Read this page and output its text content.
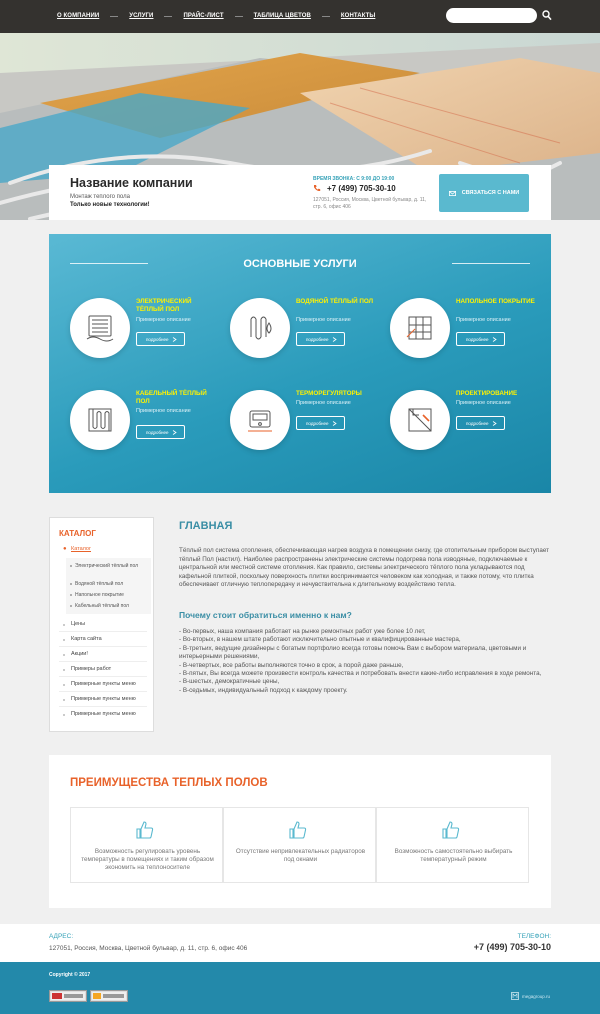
О КОМПАНИИ	УСЛУГИ	ПРАЙС-ЛИСТ	ТАБЛИЦА ЦВЕТОВ	КОНТАКТЫ
Название компании
Монтаж теплого пола
Только новые технологии!
ВРЕМЯ ЗВОНКА: С 9:00 ДО 19:00
+7 (499) 705-30-10
127051, Россия, Москва, Цветной бульвар, д. 11, стр. 6, офис 406
СВЯЗАТЬСЯ С НАМИ
ОСНОВНЫЕ УСЛУГИ
ЭЛЕКТРИЧЕСКИЙ ТЁПЛЫЙ ПОЛ
Примерное описание
подробнее
ВОДЯНОЙ ТЁПЛЫЙ ПОЛ
Примерное описание
подробнее
НАПОЛЬНОЕ ПОКРЫТИЕ
Примерное описание
подробнее
КАБЕЛЬНЫЙ ТЁПЛЫЙ ПОЛ
Примерное описание
подробнее
ТЕРМОРЕГУЛЯТОРЫ
Примерное описание
подробнее
ПРОЕКТИРОВАНИЕ
Примерное описание
подробнее
КАТАЛОГ
● Каталог
Электрический тёплый пол
Водяной тёплый пол
Напольное покрытие
Кабельный тёплый пол
Цены
Карта сайта
Акции!
Примеры работ
Примерные пункты меню
Примерные пункты меню
Примерные пункты меню
ГЛАВНАЯ
Тёплый пол система отопления, обеспечивающая нагрев воздуха в помещении снизу, где отопительным прибором выступает тёплый Пол (настил). Наиболее распространены электрические системы подогрева пола изводяные, подключаемые к центральной или местной системе отопления. Как правило, системы электрического тёплого пола укладываются под кафельной плиткой, поскольку поверхность плитки воспринимается человеком как холодная, и также потому, что плитка обеспечивает отличную теплопередачу и нечувствительна к длительному воздействию тепла.
Почему стоит обратиться именно к нам?
- Во-первых, наша компания работает на рынке ремонтных работ уже более 10 лет,
- Во-вторых, в нашем штате работают исключительно опытные и квалифицированные мастера,
- В-третьих, ведущие дизайнеры с богатым портфолио всегда готовы помочь Вам с выбором материала, цветовыми и интерьерными решениями,
- В-четвертых, все работы выполняются точно в срок, а порой даже раньше,
- В-пятых, Вы всегда можете произвести контроль качества и потребовать внести какие-либо исправления в ходе ремонта,
- В-шестых, демократичные цены,
- В-седьмых, индивидуальный подход к каждому проекту.
ПРЕИМУЩЕСТВА ТЕПЛЫХ ПОЛОВ
Возможность регулировать уровень температуры в помещениях и таким образом экономить на теплоносителе
Отсутствие непривлекательных радиаторов под окнами
Возможность самостоятельно выбирать температурный режим
АДРЕС:
127051, Россия, Москва, Цветной бульвар, д. 11, стр. 6, офис 406
ТЕЛЕФОН:
+7 (499) 705-30-10
Copyright © 2017
megagroup.ru
